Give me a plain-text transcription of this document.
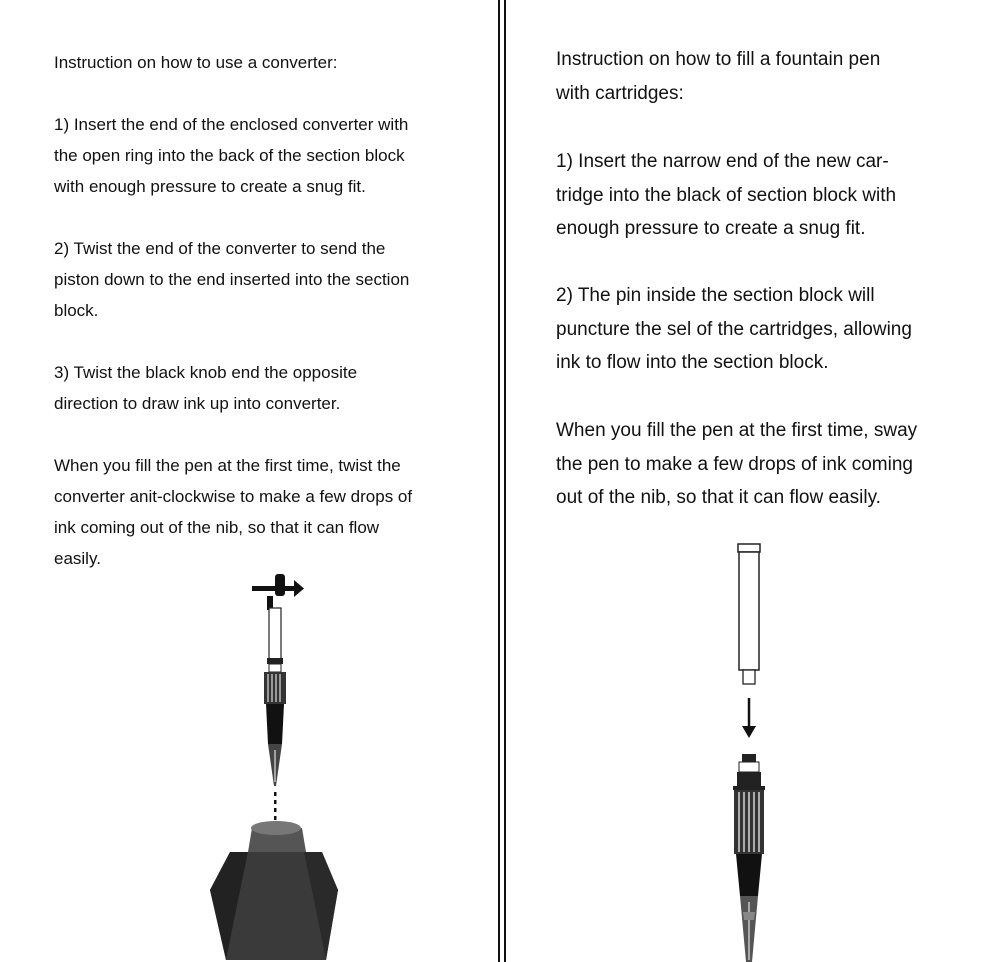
Instruction on how to use a converter:

1) Insert the end of the enclosed converter with
the open ring into the back of the section block
with enough pressure to create a snug fit.

2) Twist the end of the converter to send the
piston down to the end inserted into the section
block.

3) Twist the black knob end the opposite
direction to draw ink up into converter.

When you fill the pen at the first time, twist the
converter anit-clockwise to make a few drops of
ink coming out of the nib, so that it can flow
easily.

Instruction on how to fill a fountain pen
with cartridges:

1) Insert the narrow end of the new car-
tridge into the black of section block with
enough pressure to create a snug fit.

2) The pin inside the section block will
puncture the sel of the cartridges, allowing
ink to flow into the section block.

When you fill the pen at the first time, sway
the pen to make a few drops of ink coming
out of the nib, so that it can flow easily.
